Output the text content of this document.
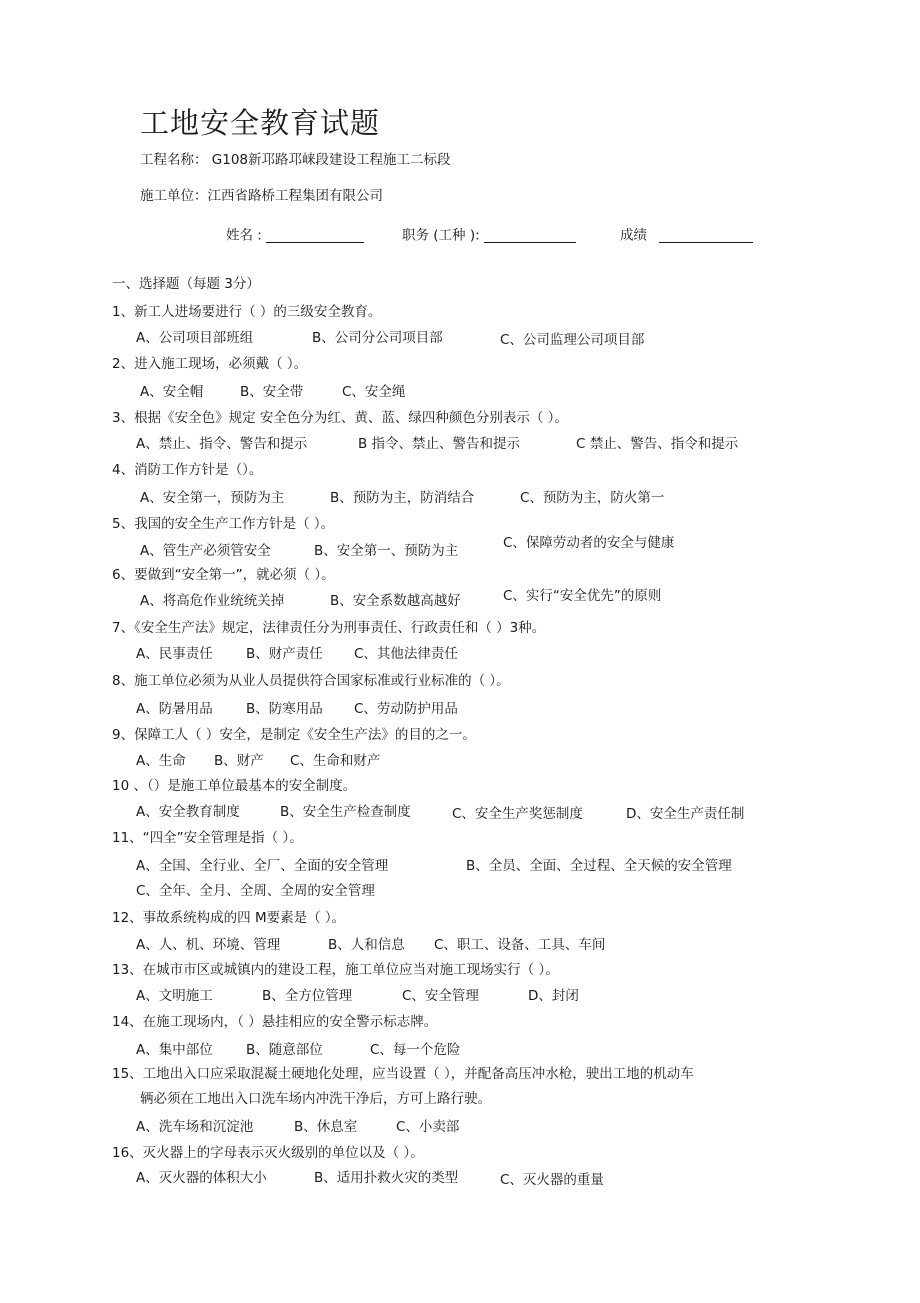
工地安全教育试题
工程名称： G108新邛路邛崃段建设工程施工二标段
施工单位：江西省路桥工程集团有限公司
姓名 :	职务 (工种 ):	成绩
一、选择题（每题 3分）
1、新工人进场要进行（ ）的三级安全教育。
A、公司项目部班组	B、公司分公司项目部	C、公司监理公司项目部
2、进入施工现场，必须戴（ ）。
A、安全帽	B、安全带	C、安全绳
3、根据《安全色》规定 安全色分为红、黄、蓝、绿四种颜色分别表示（ ）。
A、禁止、指令、警告和提示	B 指令、禁止、警告和提示	C 禁止、警告、指令和提示
4、消防工作方针是（）。
A、安全第一，预防为主	B、预防为主，防消结合	C、预防为主，防火第一
5、我国的安全生产工作方针是（ ）。
A、管生产必须管安全	B、安全第一、预防为主	C、保障劳动者的安全与健康
6、要做到“安全第一”，就必须（ ）。
A、将高危作业统统关掉	B、安全系数越高越好	C、实行“安全优先”的原则
7、《安全生产法》规定，法律责任分为刑事责任、行政责任和（ ）3种。
A、民事责任 B、财产责任 C、其他法律责任
8、施工单位必须为从业人员提供符合国家标准或行业标准的（ ）。
A、防暑用品 B、防寒用品 C、劳动防护用品
9、保障工人（ ）安全，是制定《安全生产法》的目的之一。
A、生命 B、财产 C、生命和财产
10 、（）是施工单位最基本的安全制度。
A、安全教育制度	B、安全生产检查制度	C、安全生产奖惩制度	D、安全生产责任制
11、“四全”安全管理是指（ ）。
A、全国、全行业、全厂、全面的安全管理	B、全员、全面、全过程、全天候的安全管理
C、全年、全月、全周、全周的安全管理
12、事故系统构成的四 M要素是（ ）。
A、人、机、环境、管理	B、人和信息 C、职工、设备、工具、车间
13、在城市市区或城镇内的建设工程，施工单位应当对施工现场实行（ ）。
A、文明施工	B、全方位管理	C、安全管理	D、封闭
14、在施工现场内，（ ）悬挂相应的安全警示标志牌。
A、集中部位 B、随意部位	C、每一个危险
15、工地出入口应采取混凝土硬地化处理，应当设置（ ），并配备高压冲水枪，驶出工地的机动车
辆必须在工地出入口洗车场内冲洗干净后，方可上路行驶。
A、洗车场和沉淀池	B、休息室	C、小卖部
16、灭火器上的字母表示灭火级别的单位以及（ ）。
A、灭火器的体积大小	B、适用扑救火灾的类型	C、灭火器的重量
